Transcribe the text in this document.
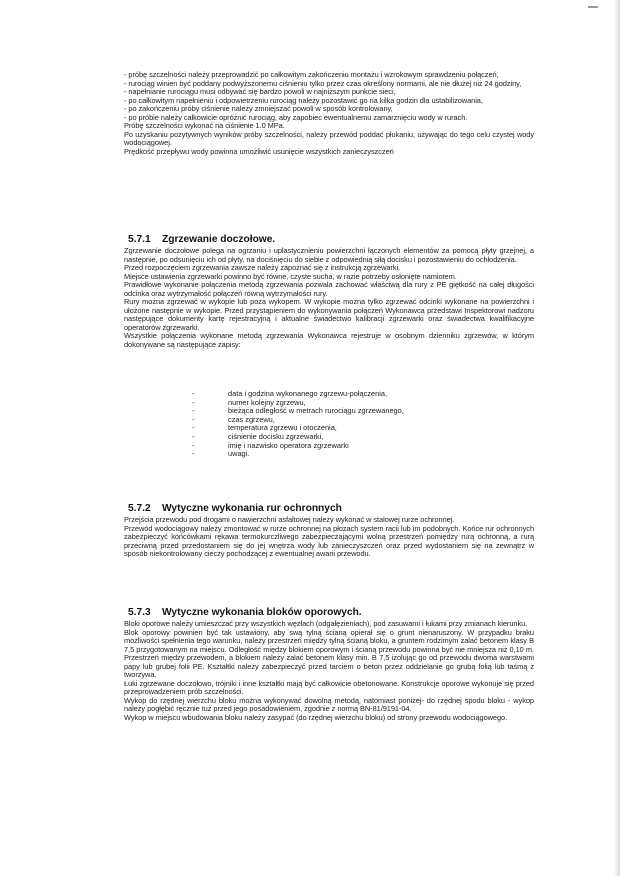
- próbę szczelności należy przeprowadzić po całkowitym zakończeniu montażu i wzrokowym sprawdzeniu połączeń,

- rurociąg winien być poddany podwyższonemu ciśnieniu tylko przez czas określony normami, ale nie dłużej niż 24 godziny,

- napełnianie rurociągu musi odbywać się bardzo powoli w najniższym punkcie sieci,

- po całkowitym napełnieniu i odpowietrzeniu rurociąg należy pozostawić go na kilka godzin dla ustabilizowania,

- po zakończeniu próby ciśnienie należy zmniejszać powoli w sposób kontrolowany,

- po próbie należy całkowicie opróżnić rurociąg, aby zapobiec ewentualnemu zamarznięciu wody w rurach.

Próbę szczelności wykonać na ciśnienie 1.0 MPa.

Po uzyskaniu pozytywnych wyników próby szczelności, należy przewód poddać płukaniu, używając do tego celu czystej wody wodociągowej.

Prędkość przepływu wody powinna umożliwić usunięcie wszystkich zanieczyszczeń

5.7.1 Zgrzewanie doczołowe.

Zgrzewanie doczołowe polega na ogrzaniu i uplastycznieniu powierzchni łączonych elementów za pomocą płyty grzejnej, a następnie, po odsunięciu ich od płyty, na dociśnięciu do siebie z odpowiednią siłą docisku i pozostawieniu do ochłodzenia.

Przed rozpoczęciem zgrzewania zawsze należy zapoznać się z instrukcją zgrzewarki.

Miejsce ustawienia zgrzewarki powinno być równe, czyste sucha, w razie potrzeby osłonięte namiotem.

Prawidłowe wykonanie połączenia metodą zgrzewania pozwala zachować właściwą dla rury z PE giętkość na całej długości odcinka oraz wytrzymałość połączeń równą wytrzymałości rury.

Rury można zgrzewać w wykopie lub poza wykopem. W wykopie można tylko zgrzewać odcinki wykonane na powierzchni i ułożone następnie w wykopie. Przed przystąpieniem do wykonywania połączeń Wykonawca przedstawi Inspektorowi nadzoru następujące dokumenty kartę rejestracyjną i aktualne świadectwo kalibracji zgrzewarki oraz świadectwa kwalifikacyjne operatorów zgrzewarki.

Wszystkie połączenia wykonane metodą zgrzewania Wykonawca rejestruje w osobnym dzienniku zgrzewów, w którym dokonywane są następujące zapisy:

- data i godzina wykonanego zgrzewu-połączenia,
- numer kolejny zgrzewu,
- bieżąca odległość w metrach rurociągu zgrzewanego,
- czas zgrzewu,
- temperatura zgrzewu i otoczenia,
- ciśnienie docisku zgrzewarki,
- imię i nazwisko operatora zgrzewarki
- uwagi.
5.7.2 Wytyczne wykonania rur ochronnych

Przejścia przewodu pod drogami o nawierzchni asfaltowej należy wykonać w stalowej rurze ochronnej.

Przewód wodociągowy należy zmontować w rurze ochronnej na płozach system racii lub im podobnych. Końce rur ochronnych zabezpieczyć końcówkami rękawa termokurczliwego zabezpieczającymi wolną przestrzeń pomiędzy rurą ochronną, a rurą przeciwną przed przedostaniem się do jej wnętrza wody lub zanieczyszczeń oraz przed wydostaniem się na zewnątrz w sposób niekontrolowany cieczy pochodzącej z ewentualnej awarii przewodu.

5.7.3 Wytyczne wykonania bloków oporowych.

Bloki oporowe należy umieszczać przy wszystkich węzłach (odgałęzieniach), pod zasuwami i łukami przy zmianach kierunku.

Blok oporowy powinien być tak ustawiony, aby swą tylną ścianą opierał się o grunt nienaruszony. W przypadku braku możliwości spełnienia tego warunku, należy przestrzeń między tylną ścianą bloku, a gruntem rodzimym zalać betonem klasy B 7,5 przygotowanym na miejscu. Odległość między blokiem oporowym i ścianą przewodu powinna być nie mniejsza niż 0,10 m. Przestrzeń między przewodem, a blokiem należy zalać betonem klasy min. B 7,5 izolując go od przewodu dwoma warstwami papy lub grubej folii PE. Kształtki należy zabezpieczyć przed tarciem o beton przez oddzielanie go grubą folią lub taśmą z tworzywa.

Łuki zgrzewane doczołowo, trójniki i inne kształtki mają być całkowicie obetonowane. Konstrukcje oporowe wykonuje się przed przeprowadzeniem prób szczelności.

Wykop do rzędnej wierzchu bloku można wykonywać dowolną metodą, natomiast poniżej- do rzędnej spodu bloku - wykop należy pogłębić ręcznie tuż przed jego posadowieniem, zgodnie z normą BN-81/9191-04.

Wykop w miejscu wbudowania bloku należy zasypać (do rzędnej wierzchu bloku) od strony przewodu wodociągowego.
